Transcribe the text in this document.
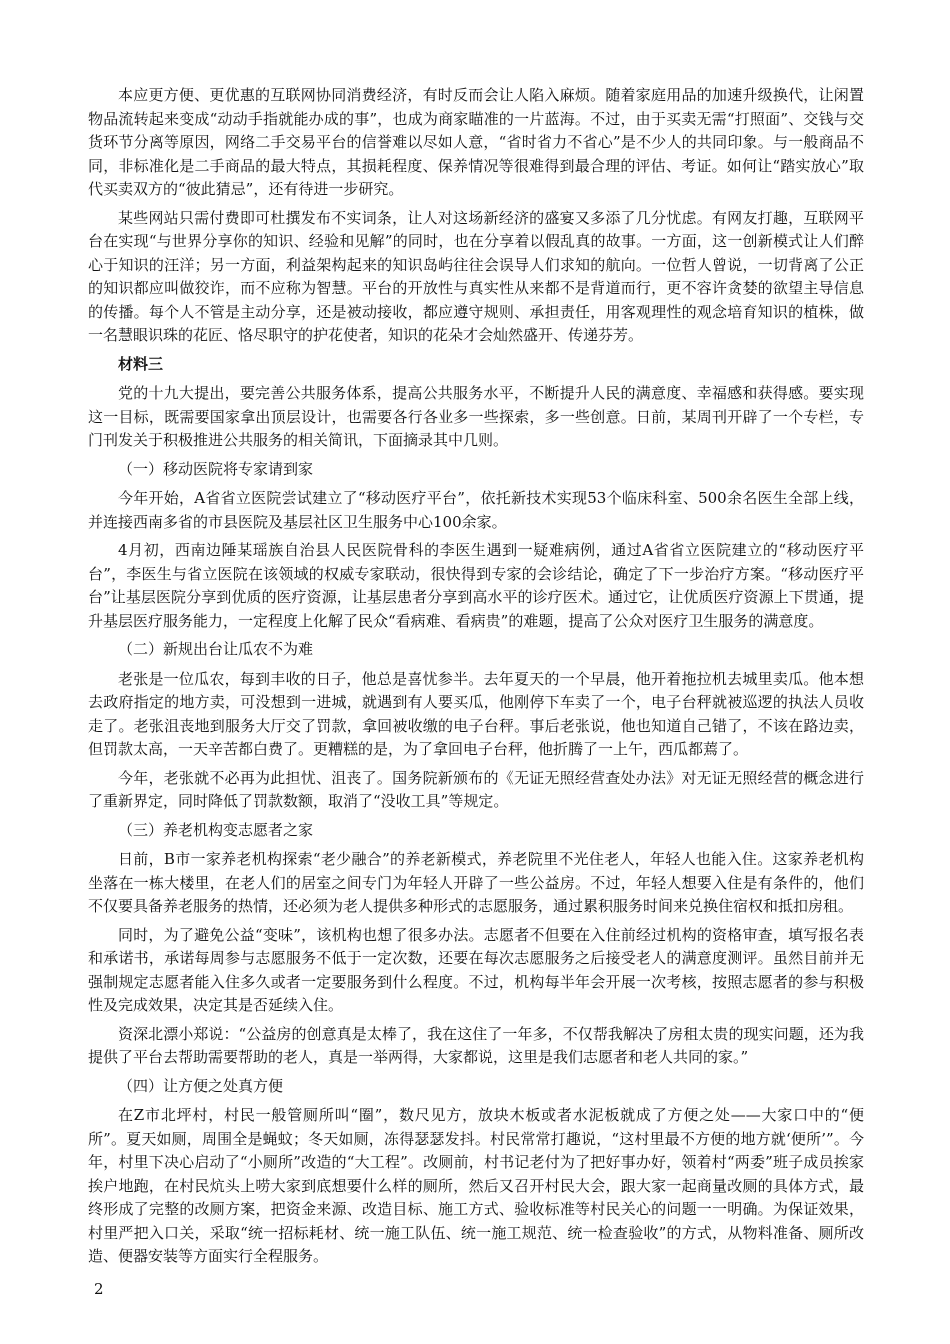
本应更方便、更优惠的互联网协同消费经济，有时反而会让人陷入麻烦。随着家庭用品的加速升级换代，让闲置物品流转起来变成“动动手指就能办成的事”，也成为商家瞄准的一片蓝海。不过，由于买卖无需“打照面”、交钱与交货环节分离等原因，网络二手交易平台的信誉难以尽如人意，“省时省力不省心”是不少人的共同印象。与一般商品不同，非标准化是二手商品的最大特点，其损耗程度、保养情况等很难得到最合理的评估、考证。如何让“踏实放心”取代买卖双方的“彼此猜忌”，还有待进一步研究。

某些网站只需付费即可杜撰发布不实词条，让人对这场新经济的盛宴又多添了几分忧虑。有网友打趣，互联网平台在实现“与世界分享你的知识、经验和见解”的同时，也在分享着以假乱真的故事。一方面，这一创新模式让人们醉心于知识的汪洋；另一方面，利益架构起来的知识岛屿往往会误导人们求知的航向。一位哲人曾说，一切背离了公正的知识都应叫做狡诈，而不应称为智慧。平台的开放性与真实性从来都不是背道而行，更不容许贪婪的欲望主导信息的传播。每个人不管是主动分享，还是被动接收，都应遵守规则、承担责任，用客观理性的观念培育知识的植株，做一名慧眼识珠的花匠、恪尽职守的护花使者，知识的花朵才会灿然盛开、传递芬芳。

材料三

党的十九大提出，要完善公共服务体系，提高公共服务水平，不断提升人民的满意度、幸福感和获得感。要实现这一目标，既需要国家拿出顶层设计，也需要各行各业多一些探索，多一些创意。日前，某周刊开辟了一个专栏，专门刊发关于积极推进公共服务的相关简讯，下面摘录其中几则。

（一）移动医院将专家请到家

今年开始，A省省立医院尝试建立了“移动医疗平台”，依托新技术实现53个临床科室、500余名医生全部上线，并连接西南多省的市县医院及基层社区卫生服务中心100余家。

4月初，西南边陲某瑶族自治县人民医院骨科的李医生遇到一疑难病例，通过A省省立医院建立的“移动医疗平台”，李医生与省立医院在该领域的权威专家联动，很快得到专家的会诊结论，确定了下一步治疗方案。“移动医疗平台”让基层医院分享到优质的医疗资源，让基层患者分享到高水平的诊疗医术。通过它，让优质医疗资源上下贯通，提升基层医疗服务能力，一定程度上化解了民众“看病难、看病贵”的难题，提高了公众对医疗卫生服务的满意度。

（二）新规出台让瓜农不为难

老张是一位瓜农，每到丰收的日子，他总是喜忧参半。去年夏天的一个早晨，他开着拖拉机去城里卖瓜。他本想去政府指定的地方卖，可没想到一进城，就遇到有人要买瓜，他刚停下车卖了一个，电子台秤就被巡逻的执法人员收走了。老张沮丧地到服务大厅交了罚款，拿回被收缴的电子台秤。事后老张说，他也知道自己错了，不该在路边卖，但罚款太高，一天辛苦都白费了。更糟糕的是，为了拿回电子台秤，他折腾了一上午，西瓜都蔫了。

今年，老张就不必再为此担忧、沮丧了。国务院新颁布的《无证无照经营查处办法》对无证无照经营的概念进行了重新界定，同时降低了罚款数额，取消了“没收工具”等规定。

（三）养老机构变志愿者之家

日前，B市一家养老机构探索“老少融合”的养老新模式，养老院里不光住老人，年轻人也能入住。这家养老机构坐落在一栋大楼里，在老人们的居室之间专门为年轻人开辟了一些公益房。不过，年轻人想要入住是有条件的，他们不仅要具备养老服务的热情，还必须为老人提供多种形式的志愿服务，通过累积服务时间来兑换住宿权和抵扣房租。

同时，为了避免公益“变味”，该机构也想了很多办法。志愿者不但要在入住前经过机构的资格审查，填写报名表和承诺书，承诺每周参与志愿服务不低于一定次数，还要在每次志愿服务之后接受老人的满意度测评。虽然目前并无强制规定志愿者能入住多久或者一定要服务到什么程度。不过，机构每半年会开展一次考核，按照志愿者的参与积极性及完成效果，决定其是否延续入住。

资深北漂小郑说：“公益房的创意真是太棒了，我在这住了一年多，不仅帮我解决了房租太贵的现实问题，还为我提供了平台去帮助需要帮助的老人，真是一举两得，大家都说，这里是我们志愿者和老人共同的家。”

（四）让方便之处真方便

在Z市北坪村，村民一般管厕所叫“圈”，数尺见方，放块木板或者水泥板就成了方便之处——大家口中的“便所”。夏天如厕，周围全是蝇蚊；冬天如厕，冻得瑟瑟发抖。村民常常打趣说，“这村里最不方便的地方就‘便所’”。今年，村里下决心启动了“小厕所”改造的“大工程”。改厕前，村书记老付为了把好事办好，领着村“两委”班子成员挨家挨户地跑，在村民炕头上唠大家到底想要什么样的厕所，然后又召开村民大会，跟大家一起商量改厕的具体方式，最终形成了完整的改厕方案，把资金来源、改造目标、施工方式、验收标准等村民关心的问题一一明确。为保证效果，村里严把入口关，采取“统一招标耗材、统一施工队伍、统一施工规范、统一检查验收”的方式，从物料准备、厕所改造、便器安装等方面实行全程服务。

2
